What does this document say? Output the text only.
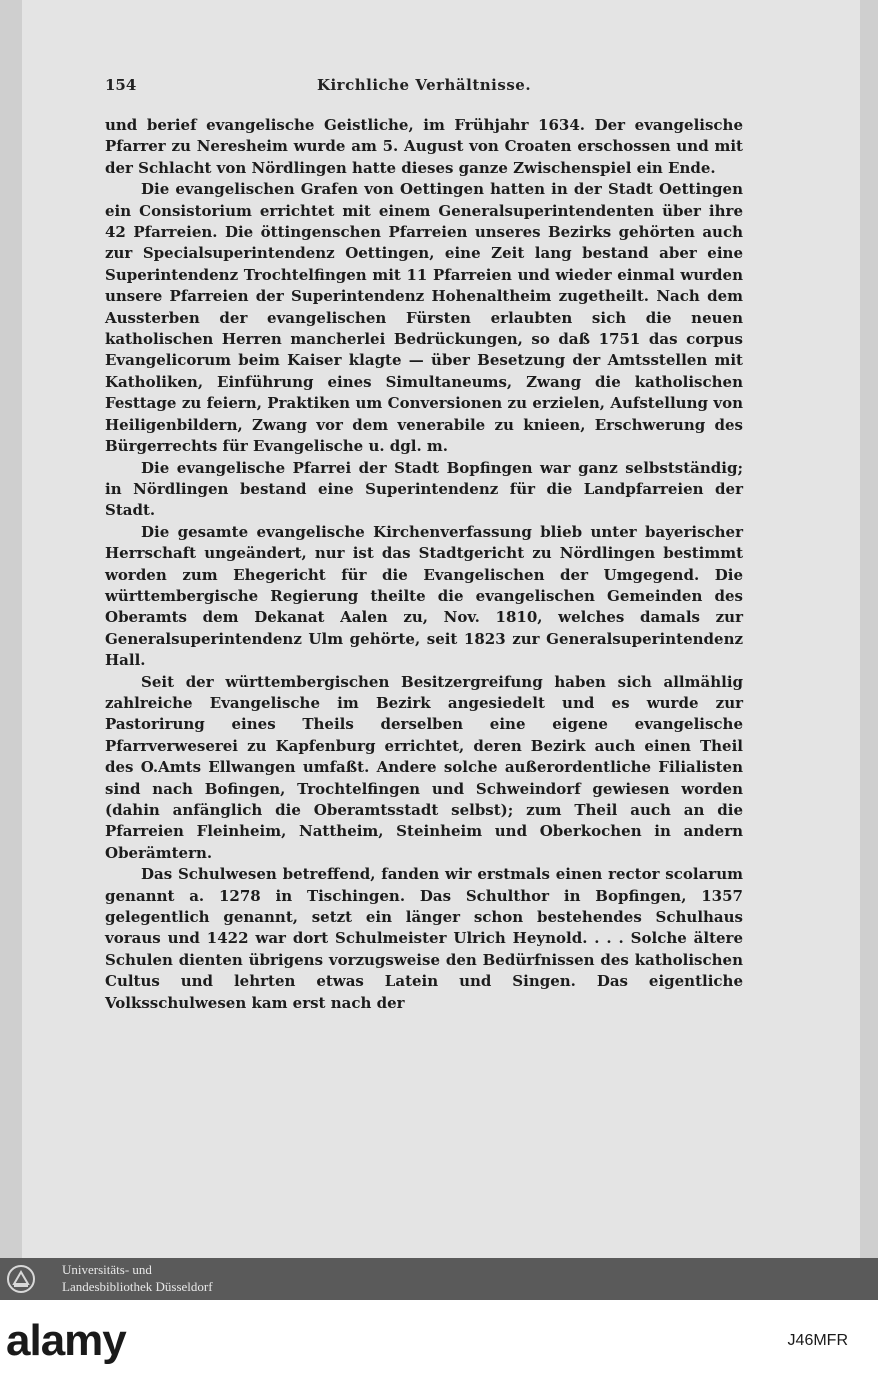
154	Kirchliche Verhältnisse.

und berief evangelische Geistliche, im Frühjahr 1634. Der evangelische Pfarrer zu Neresheim wurde am 5. August von Croaten erschossen und mit der Schlacht von Nördlingen hatte dieses ganze Zwischenspiel ein Ende.

Die evangelischen Grafen von Oettingen hatten in der Stadt Oettingen ein Consistorium errichtet mit einem Generalsuperintendenten über ihre 42 Pfarreien. Die öttingenschen Pfarreien unseres Bezirks gehörten auch zur Specialsuperintendenz Oettingen, eine Zeit lang bestand aber eine Superintendenz Trochtelfingen mit 11 Pfarreien und wieder einmal wurden unsere Pfarreien der Superintendenz Hohenaltheim zugetheilt. Nach dem Aussterben der evangelischen Fürsten erlaubten sich die neuen katholischen Herren mancherlei Bedrückungen, so daß 1751 das corpus Evangelicorum beim Kaiser klagte — über Besetzung der Amtsstellen mit Katholiken, Einführung eines Simultaneums, Zwang die katholischen Festtage zu feiern, Praktiken um Conversionen zu erzielen, Aufstellung von Heiligenbildern, Zwang vor dem venerabile zu knieen, Erschwerung des Bürgerrechts für Evangelische u. dgl. m.

Die evangelische Pfarrei der Stadt Bopfingen war ganz selbstständig; in Nördlingen bestand eine Superintendenz für die Landpfarreien der Stadt.

Die gesamte evangelische Kirchenverfassung blieb unter bayerischer Herrschaft ungeändert, nur ist das Stadtgericht zu Nördlingen bestimmt worden zum Ehegericht für die Evangelischen der Umgegend. Die württembergische Regierung theilte die evangelischen Gemeinden des Oberamts dem Dekanat Aalen zu, Nov. 1810, welches damals zur Generalsuperintendenz Ulm gehörte, seit 1823 zur Generalsuperintendenz Hall.

Seit der württembergischen Besitzergreifung haben sich allmählig zahlreiche Evangelische im Bezirk angesiedelt und es wurde zur Pastorirung eines Theils derselben eine eigene evangelische Pfarrverweserei zu Kapfenburg errichtet, deren Bezirk auch einen Theil des O.Amts Ellwangen umfaßt. Andere solche außerordentliche Filialisten sind nach Bofingen, Trochtelfingen und Schweindorf gewiesen worden (dahin anfänglich die Oberamtsstadt selbst); zum Theil auch an die Pfarreien Fleinheim, Nattheim, Steinheim und Oberkochen in andern Oberämtern.

Das Schulwesen betreffend, fanden wir erstmals einen rector scolarum genannt a. 1278 in Tischingen. Das Schulthor in Bopfingen, 1357 gelegentlich genannt, setzt ein länger schon bestehendes Schulhaus voraus und 1422 war dort Schulmeister Ulrich Heynold. . . . Solche ältere Schulen dienten übrigens vorzugsweise den Bedürfnissen des katholischen Cultus und lehrten etwas Latein und Singen. Das eigentliche Volksschulwesen kam erst nach der

Universitäts- und
Landesbibliothek Düsseldorf
alamy	J46MFR
